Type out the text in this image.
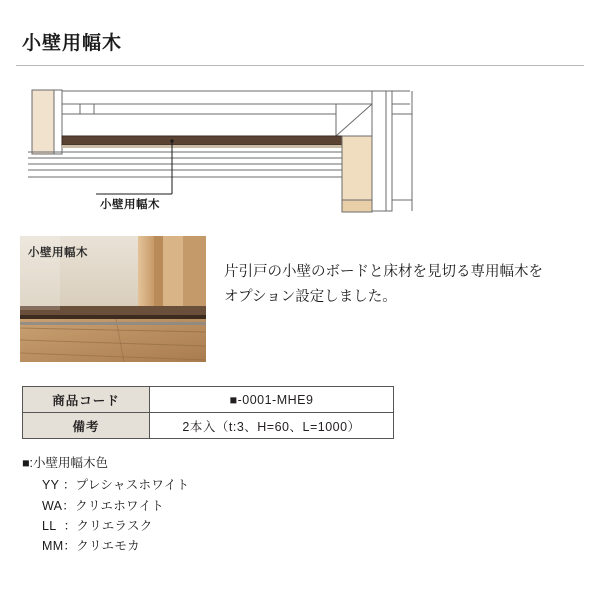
小壁用幅木
小壁用幅木
小壁用幅木
片引戸の小壁のボードと床材を見切る専用幅木を
オプション設定しました。
商品コード	■-0001-MHE9
備考	2本入（t:3、H=60、L=1000）
■:小壁用幅木色
YY ：プレシャスホワイト
WA：クリエホワイト
LL  ：クリエラスク
MM：クリエモカ
